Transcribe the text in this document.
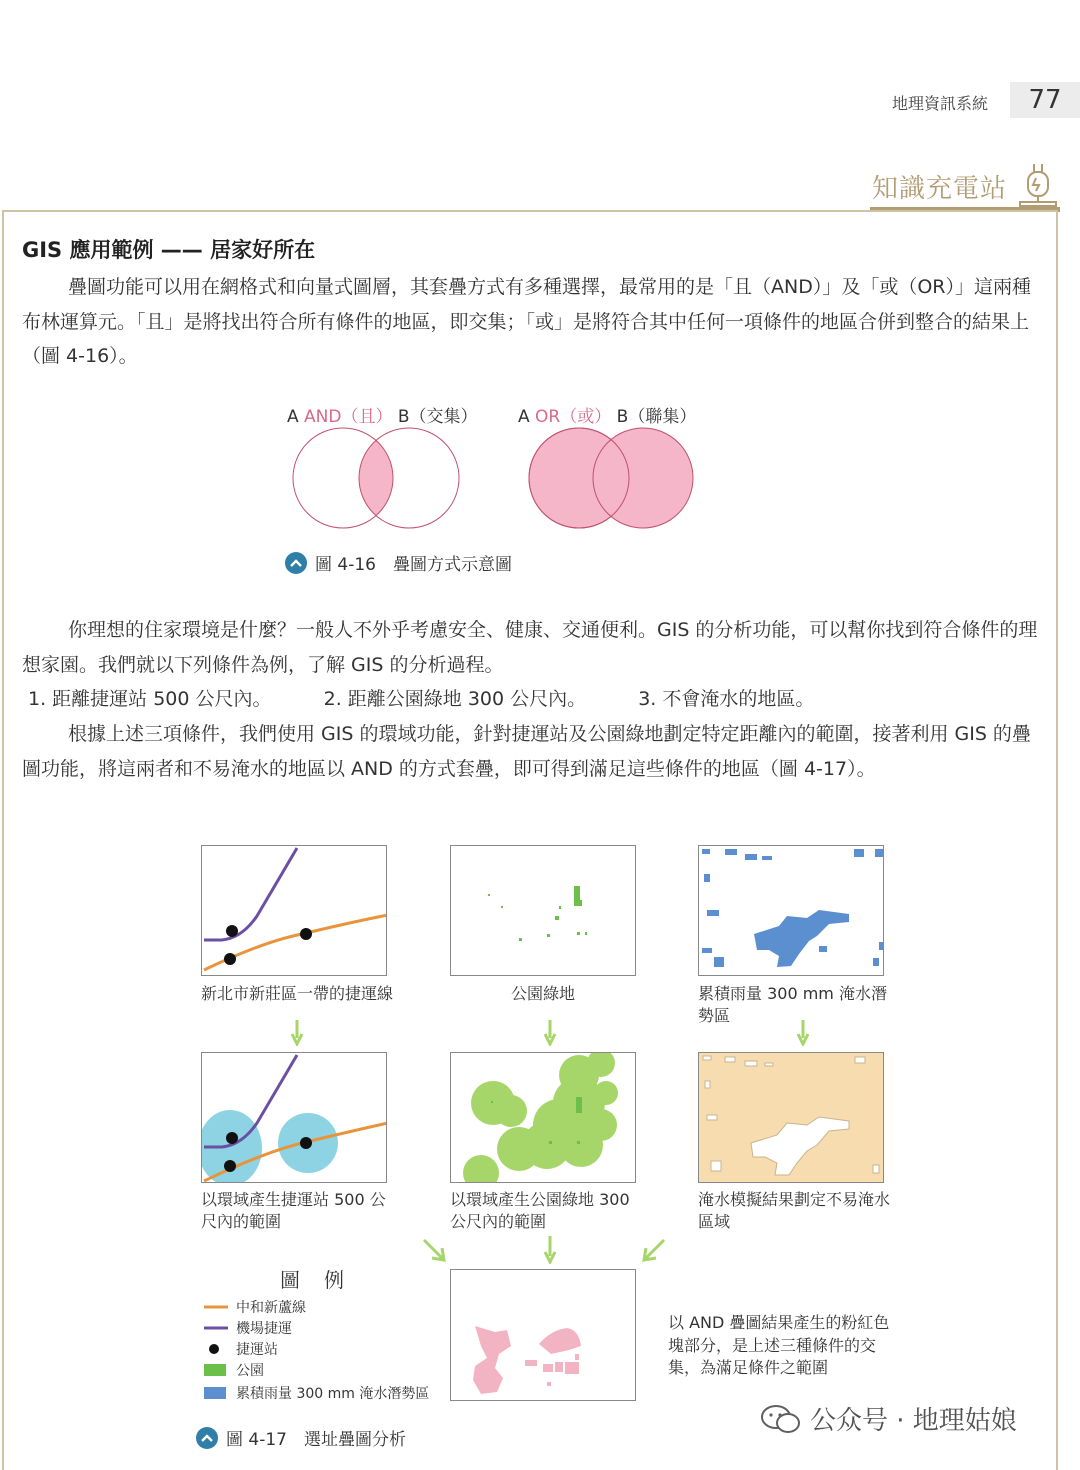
地理資訊系統	77
知識充電站
GIS 應用範例 —— 居家好所在
疊圖功能可以用在網格式和向量式圖層，其套疊方式有多種選擇，最常用的是「且（AND）」及「或（OR）」這兩種布林運算元。「且」是將找出符合所有條件的地區，即交集；「或」是將符合其中任何一項條件的地區合併到整合的結果上（圖 4-16）。
A AND（且） B（交集） A OR（或） B（聯集）
圖 4-16　疊圖方式示意圖
你理想的住家環境是什麼？一般人不外乎考慮安全、健康、交通便利。GIS 的分析功能，可以幫你找到符合條件的理想家園。我們就以下列條件為例，了解 GIS 的分析過程。
1. 距離捷運站 500 公尺內。	2. 距離公園綠地 300 公尺內。	3. 不會淹水的地區。
根據上述三項條件，我們使用 GIS 的環域功能，針對捷運站及公園綠地劃定特定距離內的範圍，接著利用 GIS 的疊圖功能，將這兩者和不易淹水的地區以 AND 的方式套疊，即可得到滿足這些條件的地區（圖 4-17）。
新北市新莊區一帶的捷運線	公園綠地	累積雨量 300 mm 淹水潛勢區
以環域產生捷運站 500 公尺內的範圍
以環域產生公園綠地 300 公尺內的範圍
淹水模擬結果劃定不易淹水區域
圖　例
中和新蘆線
機場捷運
捷運站
公園
累積雨量 300 mm 淹水潛勢區
以 AND 疊圖結果產生的粉紅色塊部分，是上述三種條件的交集，為滿足條件之範圍
圖 4-17　選址疊圖分析
公众号 · 地理姑娘
